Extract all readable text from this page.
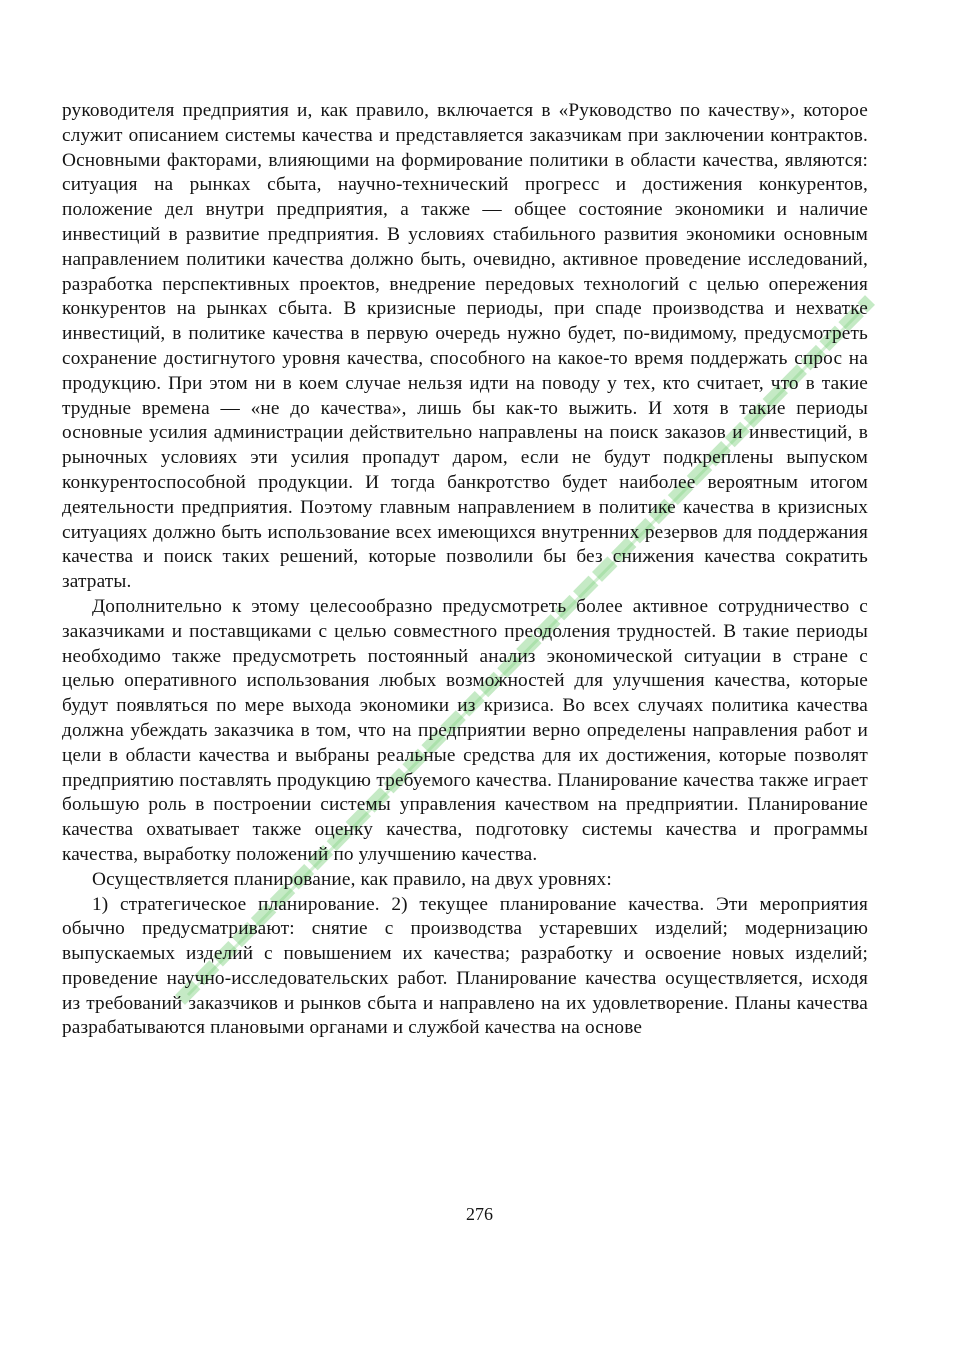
руководителя предприятия и, как правило, включается в «Руководство по качеству», которое служит описанием системы качества и представляется заказчикам при заключении контрактов. Основными факторами, влияющими на формирование политики в области качества, являются: ситуация на рынках сбыта, научно-технический прогресс и достижения конкурентов, положение дел внутри предприятия, а также — общее состояние экономики и наличие инвестиций в развитие предприятия. В условиях стабильного развития экономики основным направлением политики качества должно быть, очевидно, активное проведение исследований, разработка перспективных проектов, внедрение передовых технологий с целью опережения конкурентов на рынках сбыта. В кризисные периоды, при спаде производства и нехватке инвестиций, в политике качества в первую очередь нужно будет, по-видимому, предусмотреть сохранение достигнутого уровня качества, способного на какое-то время поддержать спрос на продукцию. При этом ни в коем случае нельзя идти на поводу у тех, кто считает, что в такие трудные времена — «не до качества», лишь бы как-то выжить. И хотя в такие периоды основные усилия администрации действительно направлены на поиск заказов и инвестиций, в рыночных условиях эти усилия пропадут даром, если не будут подкреплены выпуском конкурентоспособной продукции. И тогда банкротство будет наиболее вероятным итогом деятельности предприятия. Поэтому главным направлением в политике качества в кризисных ситуациях должно быть использование всех имеющихся внутренних резервов для поддержания качества и поиск таких решений, которые позволили бы без снижения качества сократить затраты.

Дополнительно к этому целесообразно предусмотреть более активное сотрудничество с заказчиками и поставщиками с целью совместного преодоления трудностей. В такие периоды необходимо также предусмотреть постоянный анализ экономической ситуации в стране с целью оперативного использования любых возможностей для улучшения качества, которые будут появляться по мере выхода экономики из кризиса. Во всех случаях политика качества должна убеждать заказчика в том, что на предприятии верно определены направления работ и цели в области качества и выбраны реальные средства для их достижения, которые позволят предприятию поставлять продукцию требуемого качества. Планирование качества также играет большую роль в построении системы управления качеством на предприятии. Планирование качества охватывает также оценку качества, подготовку системы качества и программы качества, выработку положений по улучшению качества.

Осуществляется планирование, как правило, на двух уровнях:

1) стратегическое планирование. 2) текущее планирование качества. Эти мероприятия обычно предусматривают: снятие с производства устаревших изделий; модернизацию выпускаемых изделий с повышением их качества; разработку и освоение новых изделий; проведение научно-исследовательских работ. Планирование качества осуществляется, исходя из требований заказчиков и рынков сбыта и направлено на их удовлетворение. Планы качества разрабатываются плановыми органами и службой качества на основе

276
